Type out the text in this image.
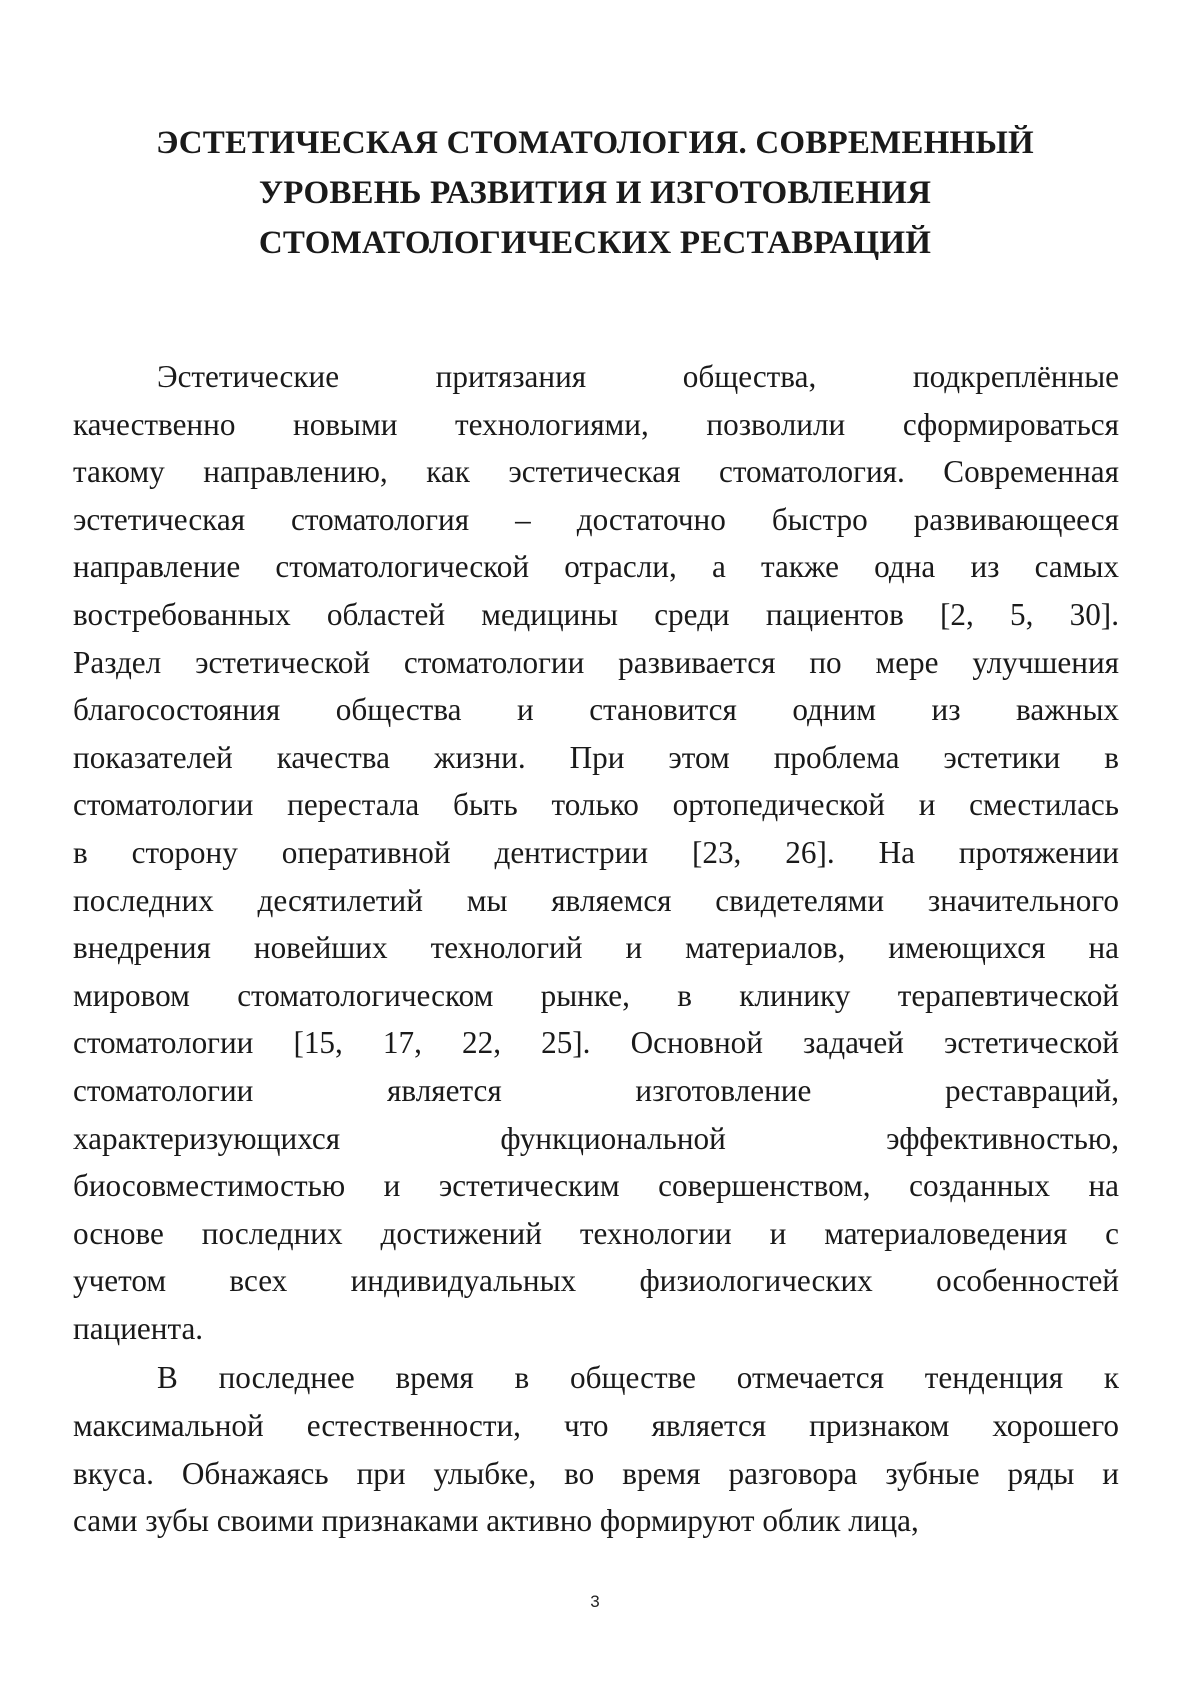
ЭСТЕТИЧЕСКАЯ СТОМАТОЛОГИЯ. СОВРЕМЕННЫЙ
УРОВЕНЬ РАЗВИТИЯ И ИЗГОТОВЛЕНИЯ
СТОМАТОЛОГИЧЕСКИХ РЕСТАВРАЦИЙ
Эстетические притязания общества, подкреплённые
качественно новыми технологиями, позволили сформироваться
такому направлению, как эстетическая стоматология. Современная
эстетическая стоматология – достаточно быстро развивающееся
направление стоматологической отрасли, а также одна из самых
востребованных областей медицины среди пациентов [2, 5, 30].
Раздел эстетической стоматологии развивается по мере улучшения
благосостояния общества и становится одним из важных
показателей качества жизни. При этом проблема эстетики в
стоматологии перестала быть только ортопедической и сместилась
в сторону оперативной дентистрии [23, 26]. На протяжении
последних десятилетий мы являемся свидетелями значительного
внедрения новейших технологий и материалов, имеющихся на
мировом стоматологическом рынке, в клинику терапевтической
стоматологии [15, 17, 22, 25]. Основной задачей эстетической
стоматологии является изготовление реставраций,
характеризующихся функциональной эффективностью,
биосовместимостью и эстетическим совершенством, созданных на
основе последних достижений технологии и материаловедения с
учетом всех индивидуальных физиологических особенностей
пациента.
В последнее время в обществе отмечается тенденция к
максимальной естественности, что является признаком хорошего
вкуса. Обнажаясь при улыбке, во время разговора зубные ряды и
сами зубы своими признаками активно формируют облик лица,
3
